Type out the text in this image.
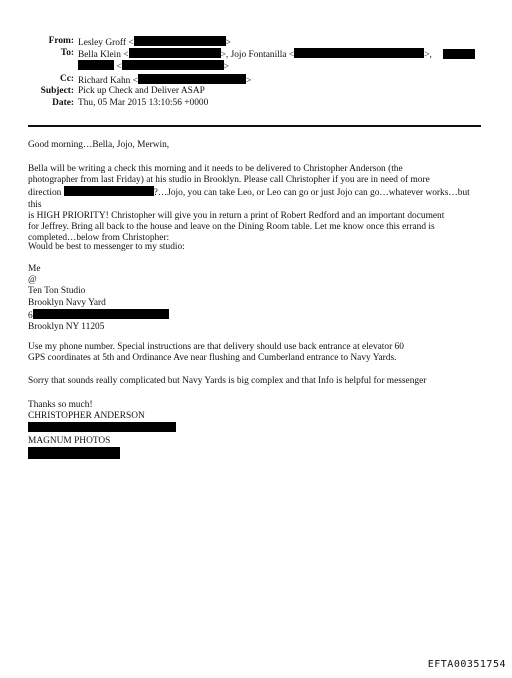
From: Lesley Groff <	>
To: Bella Klein <	>, Jojo Fontanilla <	>,
<	>
Cc: Richard Kahn <	>
Subject: Pick up Check and Deliver ASAP
Date: Thu, 05 Mar 2015 13:10:56 +0000

Good morning…Bella, Jojo, Merwin,

Bella will be writing a check this morning and it needs to be delivered to Christopher Anderson (the

photographer from last Friday) at his studio in Brooklyn. Please call Christopher if you are in need of more

direction	?…Jojo, you can take Leo, or Leo can go or just Jojo can go…whatever works…but this

is HIGH PRIORITY! Christopher will give you in return a print of Robert Redford and an important document

for Jeffrey. Bring all back to the house and leave on the Dining Room table. Let me know once this errand is

completed…below from Christopher:

Would be best to messenger to my studio:

Me

@

Ten Ton Studio

Brooklyn Navy Yard

6

Brooklyn NY 11205

Use my phone number. Special instructions are that delivery should use back entrance at elevator 60

GPS coordinates at 5th and Ordinance Ave near flushing and Cumberland entrance to Navy Yards.

Sorry that sounds really complicated but Navy Yards is big complex and that Info is helpful for messenger

Thanks so much!

CHRISTOPHER ANDERSON

MAGNUM PHOTOS

EFTA00351754
